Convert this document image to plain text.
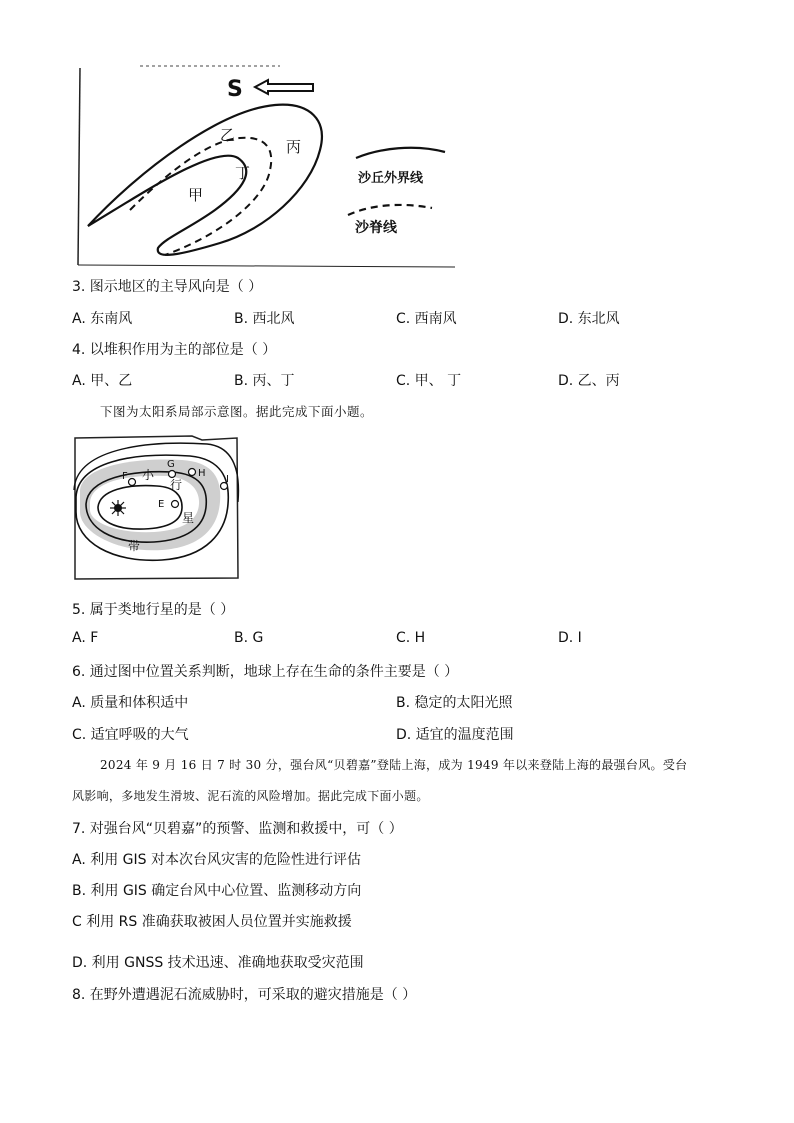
S
乙
丙
丁
甲
沙丘外界线
沙脊线
3. 图示地区的主导风向是（ ）
A. 东南风	B. 西北风	C. 西南风	D. 东北风
4. 以堆积作用为主的部位是（ ）
A. 甲、乙	B. 丙、丁	C. 甲、 丁	D. 乙、丙
下图为太阳系局部示意图。据此完成下面小题。
F
G
H
I
E
小
行
星
带
5. 属于类地行星的是（ ）
A. F	B. G	C. H	D. I
6. 通过图中位置关系判断，地球上存在生命的条件主要是（ ）
A. 质量和体积适中	B. 稳定的太阳光照
C. 适宜呼吸的大气	D. 适宜的温度范围
2024 年 9 月 16 日 7 时 30 分，强台风“贝碧嘉”登陆上海，成为 1949 年以来登陆上海的最强台风。受台
风影响，多地发生滑坡、泥石流的风险增加。据此完成下面小题。
7. 对强台风“贝碧嘉”的预警、监测和救援中，可（ ）
A. 利用 GIS 对本次台风灾害的危险性进行评估
B. 利用 GIS 确定台风中心位置、监测移动方向
C 利用 RS 准确获取被困人员位置并实施救援
D. 利用 GNSS 技术迅速、准确地获取受灾范围
8. 在野外遭遇泥石流威胁时，可采取的避灾措施是（ ）
